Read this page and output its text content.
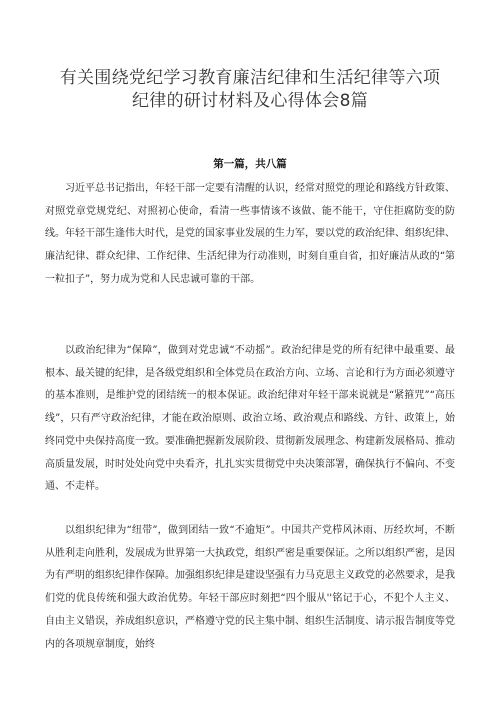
有关围绕党纪学习教育廉洁纪律和生活纪律等六项
纪律的研讨材料及心得体会8篇
第一篇，共八篇
习近平总书记指出，年轻干部一定要有清醒的认识，经常对照党的理论和路线方针政策、对照党章党规党纪、对照初心使命，看清一些事情该不该做、能不能干，守住拒腐防变的防线。年轻干部生逢伟大时代，是党的国家事业发展的生力军，要以党的政治纪律、组织纪律、廉洁纪律、群众纪律、工作纪律、生活纪律为行动准则，时刻自重自省，扣好廉洁从政的“第一粒扣子”，努力成为党和人民忠诚可靠的干部。
以政治纪律为“保障”，做到对党忠诚“不动摇”。政治纪律是党的所有纪律中最重要、最根本、最关键的纪律，是各级党组织和全体党员在政治方向、立场、言论和行为方面必须遵守的基本准则，是维护党的团结统一的根本保证。政治纪律对年轻干部来说就是“紧箍咒”“高压线”，只有严守政治纪律，才能在政治原则、政治立场、政治观点和路线、方针、政策上，始终同党中央保持高度一致。要准确把握新发展阶段、贯彻新发展理念、构建新发展格局、推动高质量发展，时时处处向党中央看齐，扎扎实实贯彻党中央决策部署，确保执行不偏向、不变通、不走样。
以组织纪律为“纽带”，做到团结一致“不逾矩”。中国共产党栉风沐雨、历经坎坷，不断从胜利走向胜利，发展成为世界第一大执政党，组织严密是重要保证。之所以组织严密，是因为有严明的组织纪律作保障。加强组织纪律是建设坚强有力马克思主义政党的必然要求，是我们党的优良传统和强大政治优势。年轻干部应时刻把“四个服从''铭记于心，不犯个人主义、自由主义错误，养成组织意识，严格遵守党的民主集中制、组织生活制度、请示报告制度等党内的各项规章制度，始终
